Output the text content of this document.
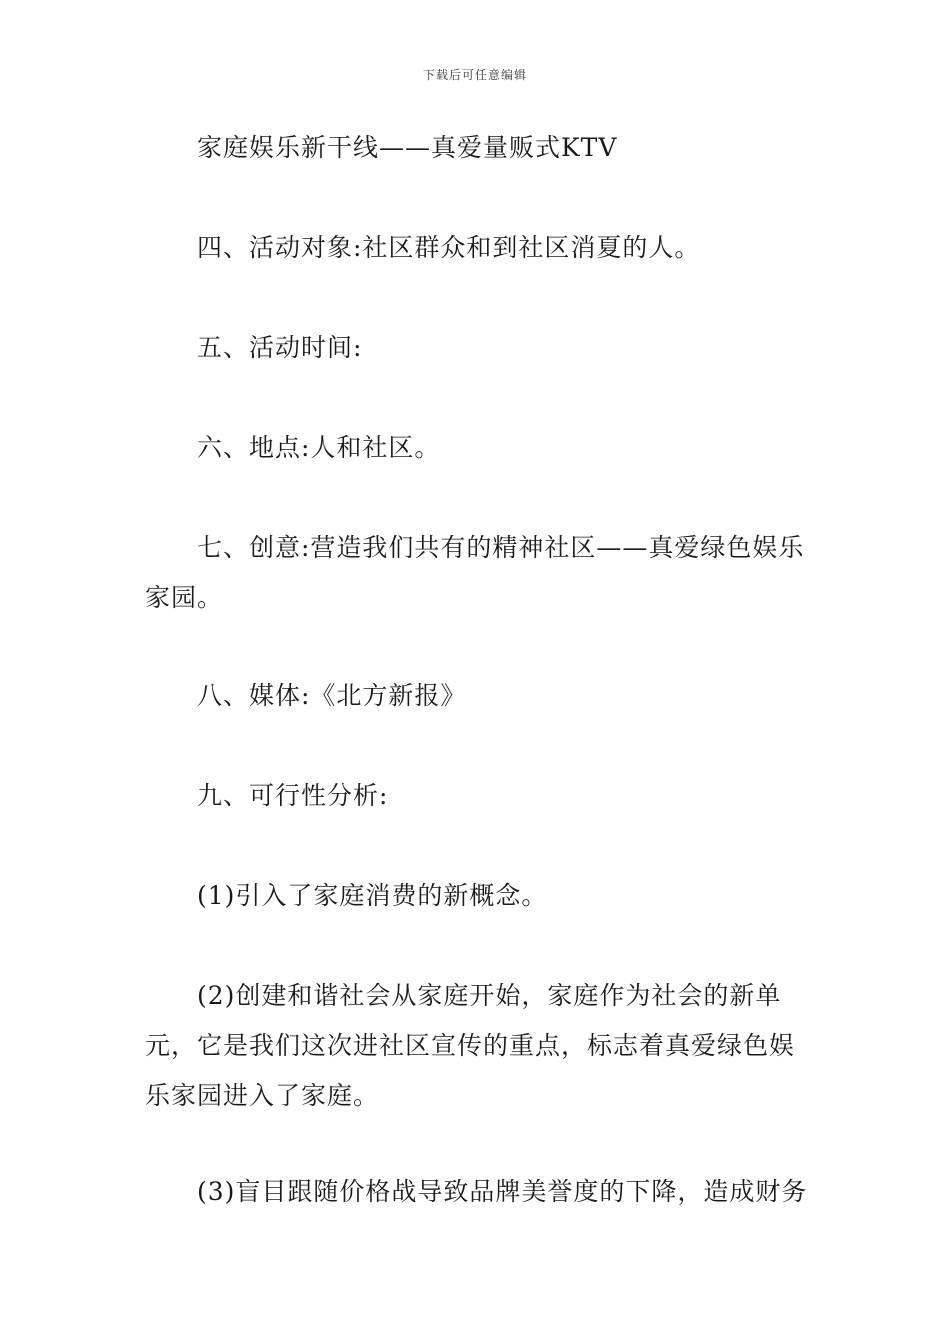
下载后可任意编辑

家庭娱乐新干线——真爱量贩式KTV

四、活动对象:社区群众和到社区消夏的人。

五、活动时间:

六、地点:人和社区。

七、创意:营造我们共有的精神社区——真爱绿色娱乐家园。

八、媒体:《北方新报》

九、可行性分析:

(1)引入了家庭消费的新概念。

(2)创建和谐社会从家庭开始，家庭作为社会的新单元，它是我们这次进社区宣传的重点，标志着真爱绿色娱乐家园进入了家庭。

(3)盲目跟随价格战导致品牌美誉度的下降，造成财务
